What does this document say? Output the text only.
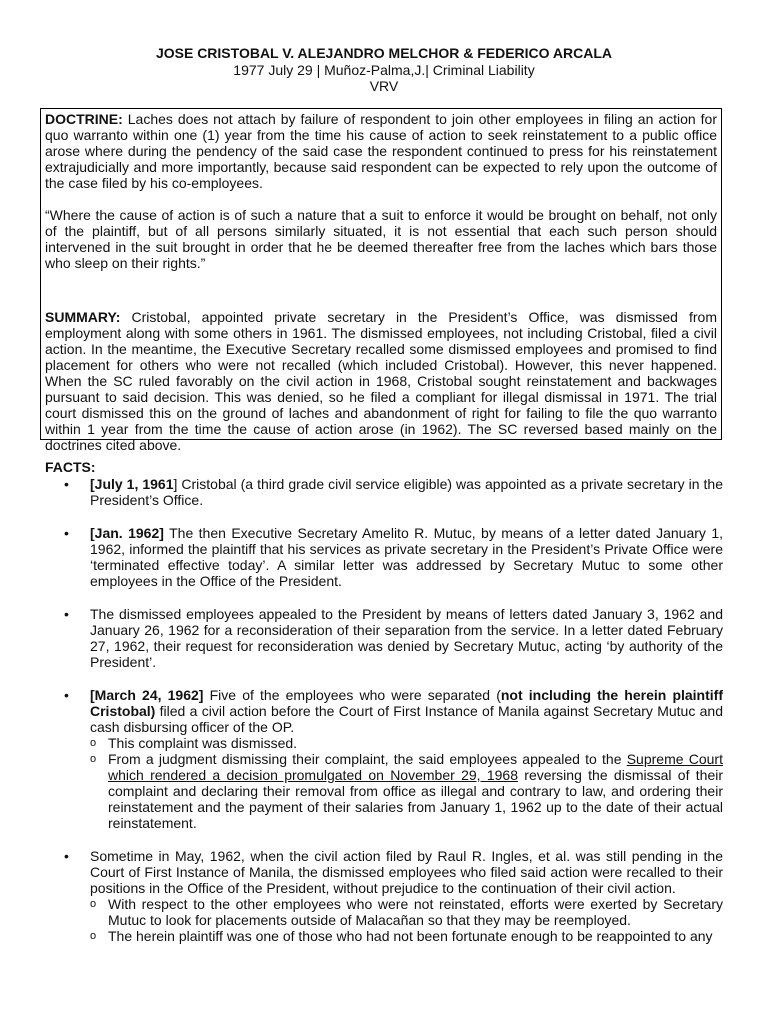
JOSE CRISTOBAL V. ALEJANDRO MELCHOR & FEDERICO ARCALA
1977 July 29 | Muñoz-Palma,J.| Criminal Liability
VRV

DOCTRINE: Laches does not attach by failure of respondent to join other employees in filing an action for quo warranto within one (1) year from the time his cause of action to seek reinstatement to a public office arose where during the pendency of the said case the respondent continued to press for his reinstatement extrajudicially and more importantly, because said respondent can be expected to rely upon the outcome of the case filed by his co-employees.

“Where the cause of action is of such a nature that a suit to enforce it would be brought on behalf, not only of the plaintiff, but of all persons similarly situated, it is not essential that each such person should intervened in the suit brought in order that he be deemed thereafter free from the laches which bars those who sleep on their rights.”

SUMMARY: Cristobal, appointed private secretary in the President’s Office, was dismissed from employment along with some others in 1961. The dismissed employees, not including Cristobal, filed a civil action. In the meantime, the Executive Secretary recalled some dismissed employees and promised to find placement for others who were not recalled (which included Cristobal). However, this never happened. When the SC ruled favorably on the civil action in 1968, Cristobal sought reinstatement and backwages pursuant to said decision. This was denied, so he filed a compliant for illegal dismissal in 1971. The trial court dismissed this on the ground of laches and abandonment of right for failing to file the quo warranto within 1 year from the time the cause of action arose (in 1962). The SC reversed based mainly on the doctrines cited above.

FACTS:
• [July 1, 1961] Cristobal (a third grade civil service eligible) was appointed as a private secretary in the President’s Office.
• [Jan. 1962] The then Executive Secretary Amelito R. Mutuc, by means of a letter dated January 1, 1962, informed the plaintiff that his services as private secretary in the President’s Private Office were ‘terminated effective today’. A similar letter was addressed by Secretary Mutuc to some other employees in the Office of the President.
• The dismissed employees appealed to the President by means of letters dated January 3, 1962 and January 26, 1962 for a reconsideration of their separation from the service. In a letter dated February 27, 1962, their request for reconsideration was denied by Secretary Mutuc, acting ‘by authority of the President’.
• [March 24, 1962] Five of the employees who were separated (not including the herein plaintiff Cristobal) filed a civil action before the Court of First Instance of Manila against Secretary Mutuc and cash disbursing officer of the OP.
o This complaint was dismissed.
o From a judgment dismissing their complaint, the said employees appealed to the Supreme Court which rendered a decision promulgated on November 29, 1968 reversing the dismissal of their complaint and declaring their removal from office as illegal and contrary to law, and ordering their reinstatement and the payment of their salaries from January 1, 1962 up to the date of their actual reinstatement.
• Sometime in May, 1962, when the civil action filed by Raul R. Ingles, et al. was still pending in the Court of First Instance of Manila, the dismissed employees who filed said action were recalled to their positions in the Office of the President, without prejudice to the continuation of their civil action.
o With respect to the other employees who were not reinstated, efforts were exerted by Secretary Mutuc to look for placements outside of Malacañan so that they may be reemployed.
o The herein plaintiff was one of those who had not been fortunate enough to be reappointed to any
